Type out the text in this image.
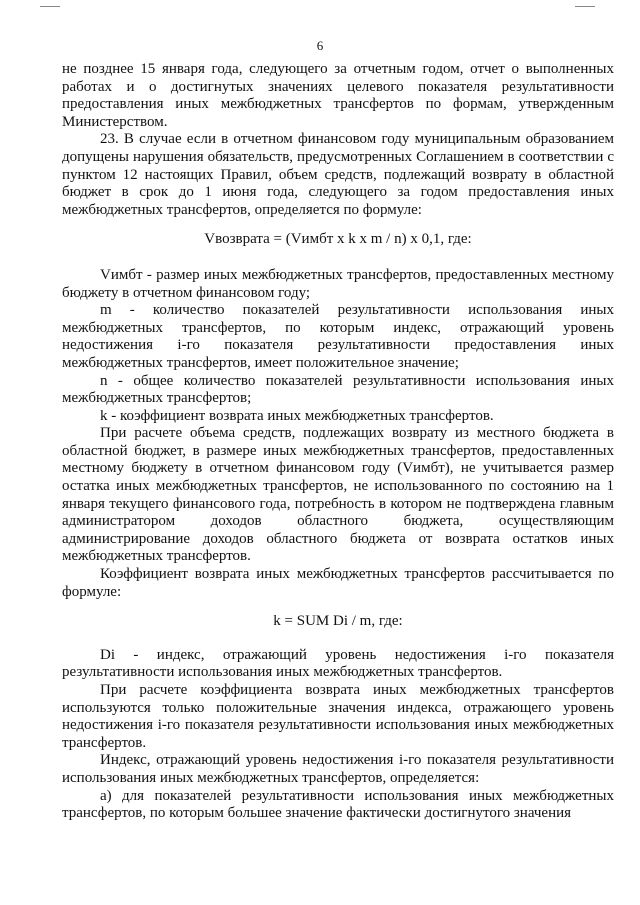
6

не позднее 15 января года, следующего за отчетным годом, отчет о выполненных работах и о достигнутых значениях целевого показателя результативности предоставления иных межбюджетных трансфертов по формам, утвержденным Министерством.

23. В случае если в отчетном финансовом году муниципальным образованием допущены нарушения обязательств, предусмотренных Соглашением в соответствии с пунктом 12 настоящих Правил, объем средств, подлежащий возврату в областной бюджет в срок до 1 июня года, следующего за годом предоставления иных межбюджетных трансфертов, определяется по формуле:

Vвозврата = (Vимбт x k x m / n) x 0,1, где:

Vимбт - размер иных межбюджетных трансфертов, предоставленных местному бюджету в отчетном финансовом году;

m - количество показателей результативности использования иных межбюджетных трансфертов, по которым индекс, отражающий уровень недостижения i-го показателя результативности предоставления иных межбюджетных трансфертов, имеет положительное значение;

n - общее количество показателей результативности использования иных межбюджетных трансфертов;

k - коэффициент возврата иных межбюджетных трансфертов.

При расчете объема средств, подлежащих возврату из местного бюджета в областной бюджет, в размере иных межбюджетных трансфертов, предоставленных местному бюджету в отчетном финансовом году (Vимбт), не учитывается размер остатка иных межбюджетных трансфертов, не использованного по состоянию на 1 января текущего финансового года, потребность в котором не подтверждена главным администратором доходов областного бюджета, осуществляющим администрирование доходов областного бюджета от возврата остатков иных межбюджетных трансфертов.

Коэффициент возврата иных межбюджетных трансфертов рассчитывается по формуле:

k = SUM Di / m, где:

Di - индекс, отражающий уровень недостижения i-го показателя результативности использования иных межбюджетных трансфертов.

При расчете коэффициента возврата иных межбюджетных трансфертов используются только положительные значения индекса, отражающего уровень недостижения i-го показателя результативности использования иных межбюджетных трансфертов.

Индекс, отражающий уровень недостижения i-го показателя результативности использования иных межбюджетных трансфертов, определяется:

а) для показателей результативности использования иных межбюджетных трансфертов, по которым большее значение фактически достигнутого значения
